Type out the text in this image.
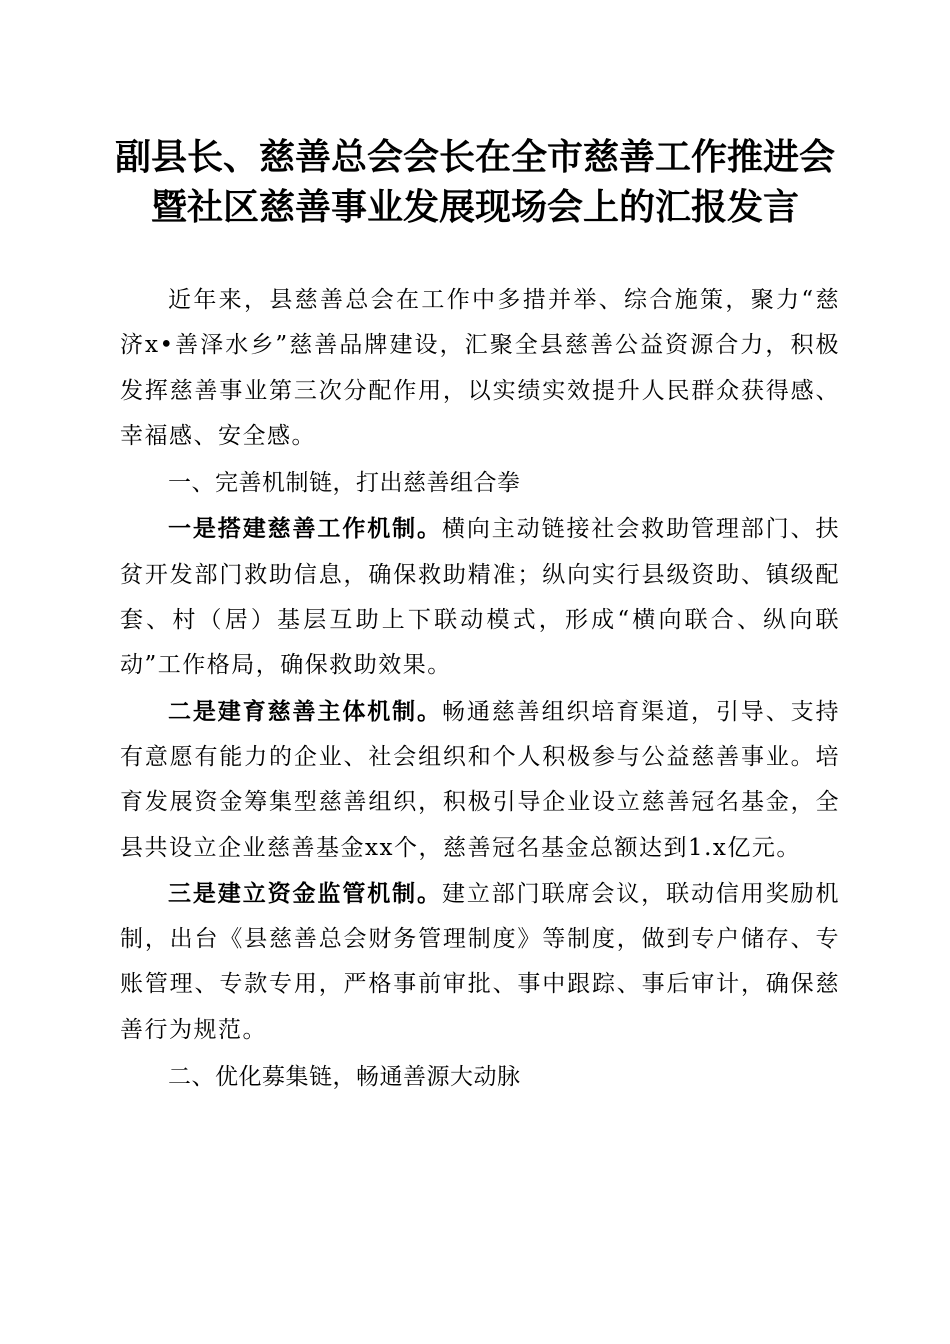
副县长、慈善总会会长在全市慈善工作推进会
暨社区慈善事业发展现场会上的汇报发言

近年来，县慈善总会在工作中多措并举、综合施策，聚力“慈济x•善泽水乡”慈善品牌建设，汇聚全县慈善公益资源合力，积极发挥慈善事业第三次分配作用，以实绩实效提升人民群众获得感、幸福感、安全感。

一、完善机制链，打出慈善组合拳

一是搭建慈善工作机制。横向主动链接社会救助管理部门、扶贫开发部门救助信息，确保救助精准；纵向实行县级资助、镇级配套、村（居）基层互助上下联动模式，形成“横向联合、纵向联动”工作格局，确保救助效果。

二是建育慈善主体机制。畅通慈善组织培育渠道，引导、支持有意愿有能力的企业、社会组织和个人积极参与公益慈善事业。培育发展资金筹集型慈善组织，积极引导企业设立慈善冠名基金，全县共设立企业慈善基金xx个，慈善冠名基金总额达到1.x亿元。

三是建立资金监管机制。建立部门联席会议，联动信用奖励机制，出台《县慈善总会财务管理制度》等制度，做到专户储存、专账管理、专款专用，严格事前审批、事中跟踪、事后审计，确保慈善行为规范。

二、优化募集链，畅通善源大动脉
